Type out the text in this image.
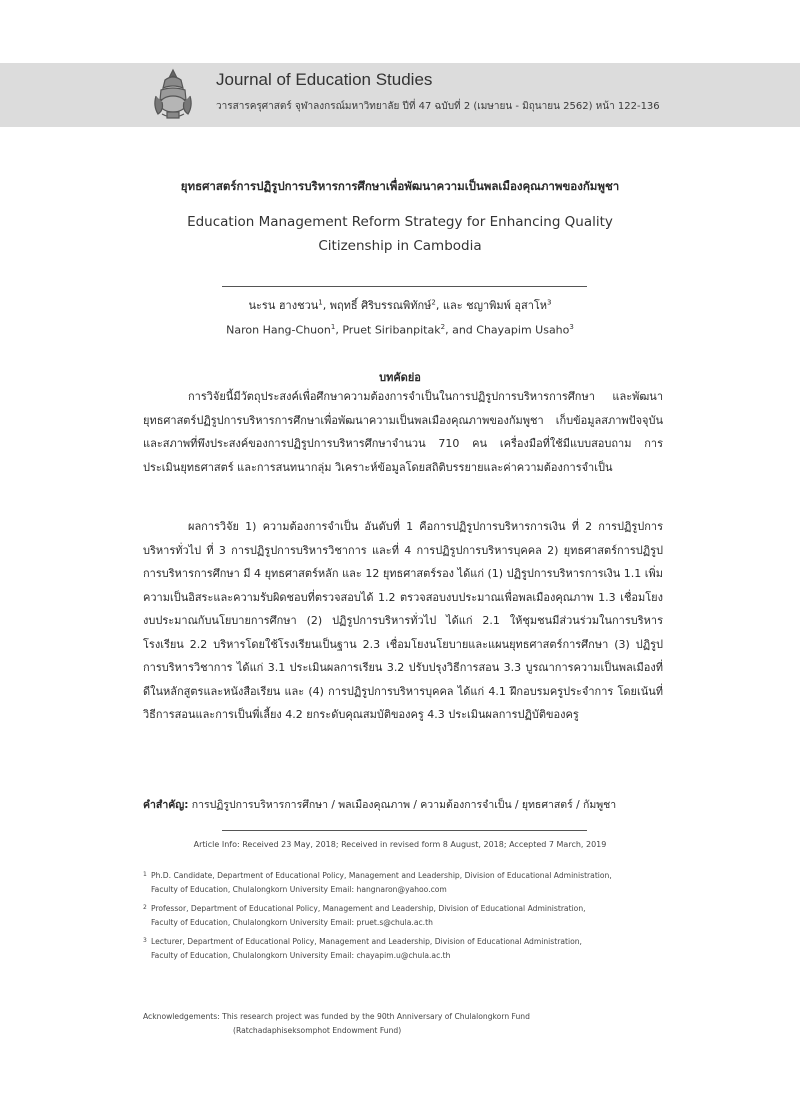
Journal of Education Studies
วารสารครุศาสตร์ จุฬาลงกรณ์มหาวิทยาลัย ปีที่ 47 ฉบับที่ 2 (เมษายน - มิถุนายน 2562) หน้า 122-136
ยุทธศาสตร์การปฏิรูปการบริหารการศึกษาเพื่อพัฒนาความเป็นพลเมืองคุณภาพของกัมพูชา
Education Management Reform Strategy for Enhancing Quality
Citizenship in Cambodia
นะรน ฮางชวน$^1$, พฤทธิ์ ศิริบรรณพิทักษ์$^2$, และ ชญาพิมพ์ อุสาโห$^3$
Naron Hang-Chuon$^1$, Pruet Siribanpitak$^2$, and Chayapim Usaho$^3$
บทคัดย่อ

การวิจัยนี้มีวัตถุประสงค์เพื่อศึกษาความต้องการจำเป็นในการปฏิรูปการบริหารการศึกษา และพัฒนายุทธศาสตร์ปฏิรูปการบริหารการศึกษาเพื่อพัฒนาความเป็นพลเมืองคุณภาพของกัมพูชา เก็บข้อมูลสภาพปัจจุบันและสภาพที่พึงประสงค์ของการปฏิรูปการบริหารศึกษาจำนวน 710 คน เครื่องมือที่ใช้มีแบบสอบถาม การประเมินยุทธศาสตร์ และการสนทนากลุ่ม วิเคราะห์ข้อมูลโดยสถิติบรรยายและค่าความต้องการจำเป็น

ผลการวิจัย 1) ความต้องการจำเป็น อันดับที่ 1 คือการปฏิรูปการบริหารการเงิน ที่ 2 การปฏิรูปการบริหารทั่วไป ที่ 3 การปฏิรูปการบริหารวิชาการ และที่ 4 การปฏิรูปการบริหารบุคคล 2) ยุทธศาสตร์การปฏิรูปการบริหารการศึกษา มี 4 ยุทธศาสตร์หลัก และ 12 ยุทธศาสตร์รอง ได้แก่ (1) ปฏิรูปการบริหารการเงิน 1.1 เพิ่มความเป็นอิสระและความรับผิดชอบที่ตรวจสอบได้ 1.2 ตรวจสอบงบประมาณเพื่อพลเมืองคุณภาพ 1.3 เชื่อมโยงงบประมาณกับนโยบายการศึกษา (2) ปฏิรูปการบริหารทั่วไป ได้แก่ 2.1 ให้ชุมชนมีส่วนร่วมในการบริหารโรงเรียน 2.2 บริหารโดยใช้โรงเรียนเป็นฐาน 2.3 เชื่อมโยงนโยบายและแผนยุทธศาสตร์การศึกษา (3) ปฏิรูปการบริหารวิชาการ ได้แก่ 3.1 ประเมินผลการเรียน 3.2 ปรับปรุงวิธีการสอน 3.3 บูรณาการความเป็นพลเมืองที่ดีในหลักสูตรและหนังสือเรียน และ (4) การปฏิรูปการบริหารบุคคล ได้แก่ 4.1 ฝึกอบรมครูประจำการ โดยเน้นที่วิธีการสอนและการเป็นพี่เลี้ยง 4.2 ยกระดับคุณสมบัติของครู 4.3 ประเมินผลการปฏิบัติของครู

คำสำคัญ: การปฏิรูปการบริหารการศึกษา / พลเมืองคุณภาพ / ความต้องการจำเป็น / ยุทธศาสตร์ / กัมพูชา
Article Info: Received 23 May, 2018; Received in revised form 8 August, 2018; Accepted 7 March, 2019

1 Ph.D. Candidate, Department of Educational Policy, Management and Leadership, Division of Educational Administration,
Faculty of Education, Chulalongkorn University Email: hangnaron@yahoo.com

2 Professor, Department of Educational Policy, Management and Leadership, Division of Educational Administration,
Faculty of Education, Chulalongkorn University Email: pruet.s@chula.ac.th

3 Lecturer, Department of Educational Policy, Management and Leadership, Division of Educational Administration,
Faculty of Education, Chulalongkorn University Email: chayapim.u@chula.ac.th

Acknowledgements: This research project was funded by the 90th Anniversary of Chulalongkorn Fund
(Ratchadaphiseksomphot Endowment Fund)
